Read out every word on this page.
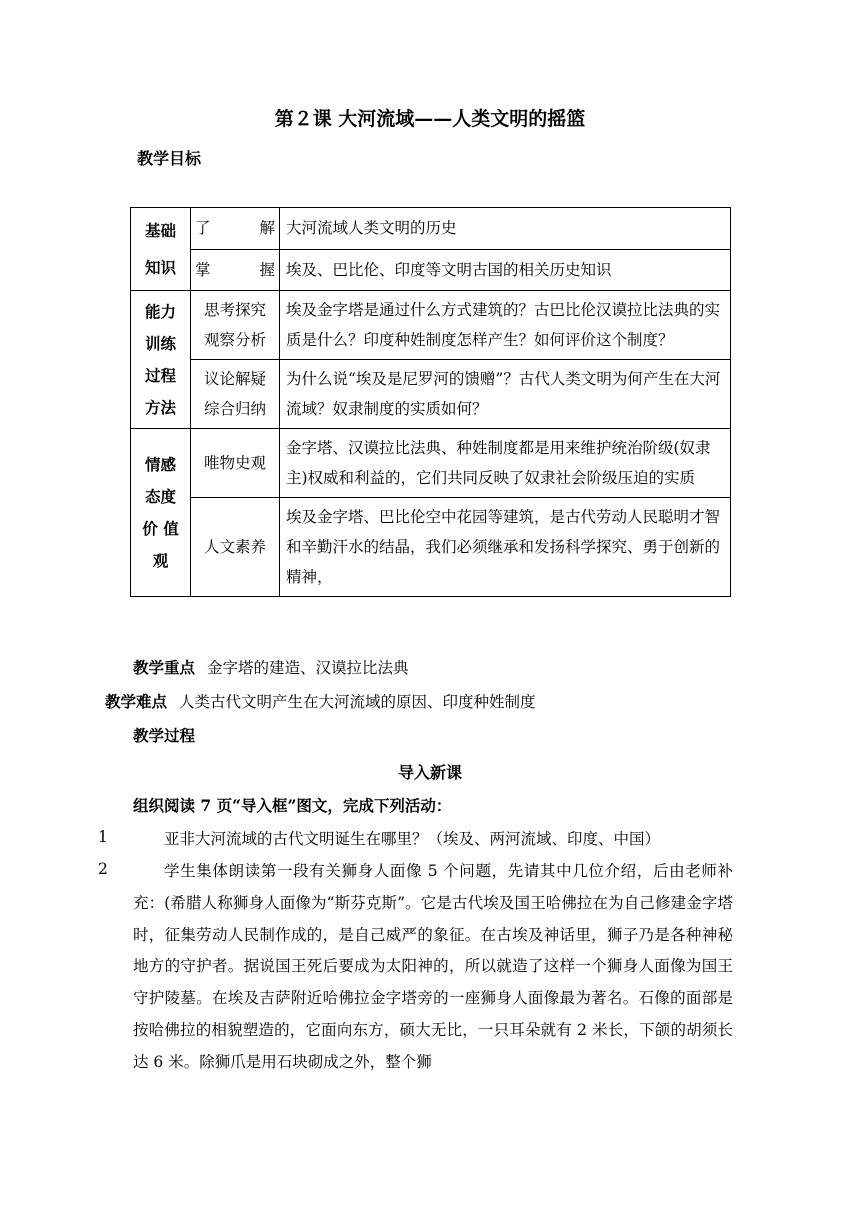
第２课 大河流域——人类文明的摇篮
教学目标
基础知识	了　　解	大河流域人类文明的历史
	掌　　握	埃及、巴比伦、印度等文明古国的相关历史知识

能力训练过程方法	思考探究观察分析	埃及金字塔是通过什么方式建筑的？古巴比伦汉谟拉比法典的实质是什么？印度种姓制度怎样产生？如何评价这个制度？

	议论解疑综合归纳	为什么说“埃及是尼罗河的馈赠”？古代人类文明为何产生在大河流域？奴隶制度的实质如何？

情感态度价 值观	唯物史观	金字塔、汉谟拉比法典、种姓制度都是用来维护统治阶级(奴隶主)权威和利益的，它们共同反映了奴隶社会阶级压迫的实质
	人文素养	埃及金字塔、巴比伦空中花园等建筑，是古代劳动人民聪明才智和辛勤汗水的结晶，我们必须继承和发扬科学探究、勇于创新的精神，
教学重点 金字塔的建造、汉谟拉比法典
教学难点 人类古代文明产生在大河流域的原因、印度种姓制度
教学过程
导入新课
组织阅读 7 页“导入框”图文，完成下列活动：
1	亚非大河流域的古代文明诞生在哪里？（埃及、两河流域、印度、中国）
2	学生集体朗读第一段有关狮身人面像 5 个问题，先请其中几位介绍，后由老师补充：(希腊人称狮身人面像为“斯芬克斯”。它是古代埃及国王哈佛拉在为自己修建金字塔时，征集劳动人民制作成的，是自己威严的象征。在古埃及神话里，狮子乃是各种神秘地方的守护者。据说国王死后要成为太阳神的，所以就造了这样一个狮身人面像为国王守护陵墓。在埃及吉萨附近哈佛拉金字塔旁的一座狮身人面像最为著名。石像的面部是按哈佛拉的相貌塑造的，它面向东方，硕大无比，一只耳朵就有 2 米长，下颌的胡须长达 6 米。除狮爪是用石块砌成之外，整个狮
